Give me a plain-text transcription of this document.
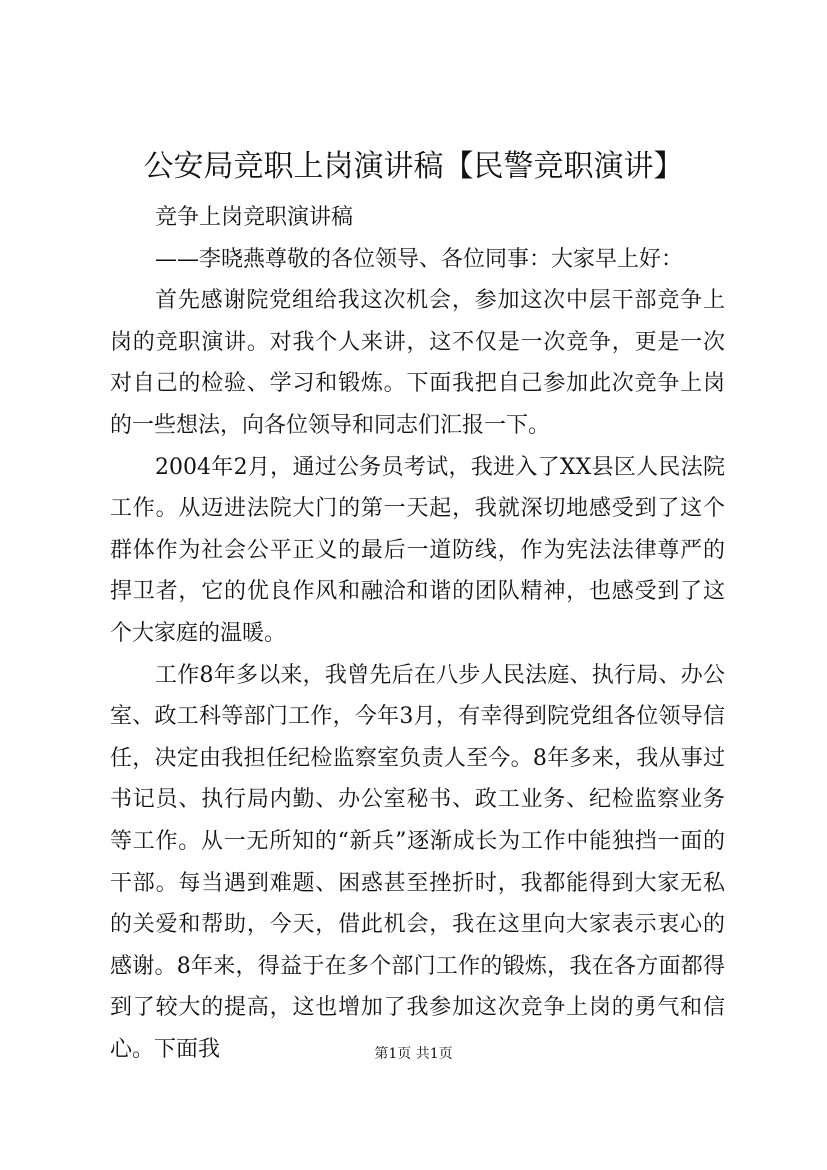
公安局竞职上岗演讲稿【民警竞职演讲】

竞争上岗竞职演讲稿

——李晓燕尊敬的各位领导、各位同事：大家早上好：

首先感谢院党组给我这次机会，参加这次中层干部竞争上岗的竞职演讲。对我个人来讲，这不仅是一次竞争，更是一次对自己的检验、学习和锻炼。下面我把自己参加此次竞争上岗的一些想法，向各位领导和同志们汇报一下。

2004年2月，通过公务员考试，我进入了XX县区人民法院工作。从迈进法院大门的第一天起，我就深切地感受到了这个群体作为社会公平正义的最后一道防线，作为宪法法律尊严的捍卫者，它的优良作风和融洽和谐的团队精神，也感受到了这个大家庭的温暖。

工作8年多以来，我曾先后在八步人民法庭、执行局、办公室、政工科等部门工作，今年3月，有幸得到院党组各位领导信任，决定由我担任纪检监察室负责人至今。8年多来，我从事过书记员、执行局内勤、办公室秘书、政工业务、纪检监察业务等工作。从一无所知的“新兵”逐渐成长为工作中能独挡一面的干部。每当遇到难题、困惑甚至挫折时，我都能得到大家无私的关爱和帮助，今天，借此机会，我在这里向大家表示衷心的感谢。8年来，得益于在多个部门工作的锻炼，我在各方面都得到了较大的提高，这也增加了我参加这次竞争上岗的勇气和信心。下面我	第1页 共1页
